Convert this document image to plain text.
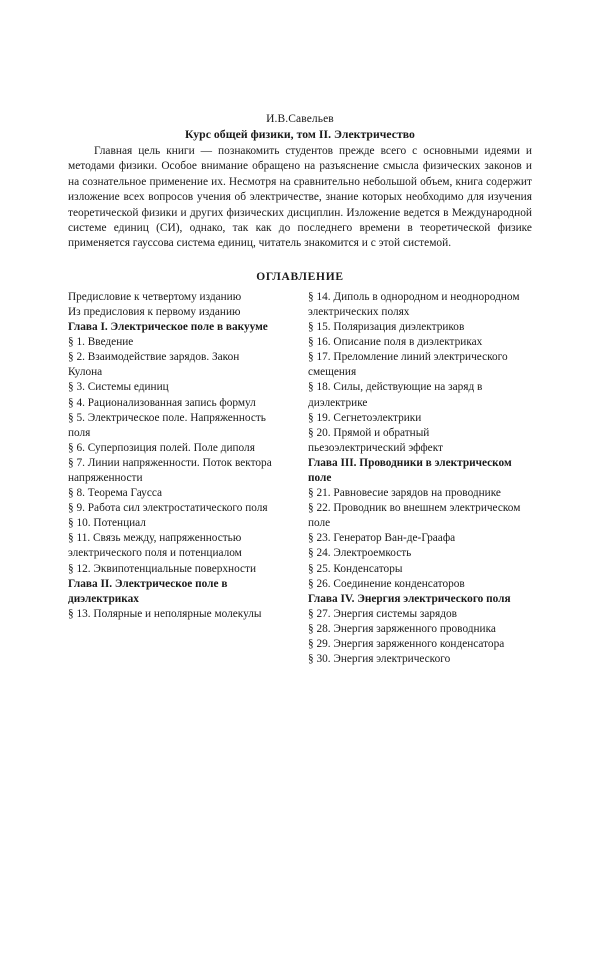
И.В.Савельев
Курс общей физики, том II. Электричество
Главная цель книги — познакомить студентов прежде всего с основными идеями и методами физики. Особое внимание обращено на разъяснение смысла физических законов и на сознательное применение их. Несмотря на сравнительно небольшой объем, книга содержит изложение всех вопросов учения об электричестве, знание которых необходимо для изучения теоретической физики и других физических дисциплин. Изложение ведется в Международной системе единиц (СИ), однако, так как до последнего времени в теоретической физике применяется гауссова система единиц, читатель знакомится и с этой системой.
ОГЛАВЛЕНИЕ
Предисловие к четвертому изданию
Из предисловия к первому изданию
Глава I. Электрическое поле в вакууме
§ 1. Введение
§ 2. Взаимодействие зарядов. Закон Кулона
§ 3. Системы единиц
§ 4. Рационализованная запись формул
§ 5. Электрическое поле. Напряженность поля
§ 6. Суперпозиция полей. Поле диполя
§ 7. Линии напряженности. Поток вектора напряженности
§ 8. Теорема Гаусса
§ 9. Работа сил электростатического поля
§ 10. Потенциал
§ 11. Связь между, напряженностью электрического поля и потенциалом
§ 12. Эквипотенциальные поверхности
Глава II. Электрическое поле в диэлектриках
§ 13. Полярные и неполярные молекулы
§ 14. Диполь в однородном и неоднородном электрических полях
§ 15. Поляризация диэлектриков
§ 16. Описание поля в диэлектриках
§ 17. Преломление линий электрического смещения
§ 18. Силы, действующие на заряд в диэлектрике
§ 19. Сегнетоэлектрики
§ 20. Прямой и обратный пьезоэлектрический эффект
Глава III. Проводники в электрическом поле
§ 21. Равновесие зарядов на проводнике
§ 22. Проводник во внешнем электрическом поле
§ 23. Генератор Ван-де-Граафа
§ 24. Электроемкость
§ 25. Конденсаторы
§ 26. Соединение конденсаторов
Глава IV. Энергия электрического поля
§ 27. Энергия системы зарядов
§ 28. Энергия заряженного проводника
§ 29. Энергия заряженного конденсатора
§ 30. Энергия электрического
